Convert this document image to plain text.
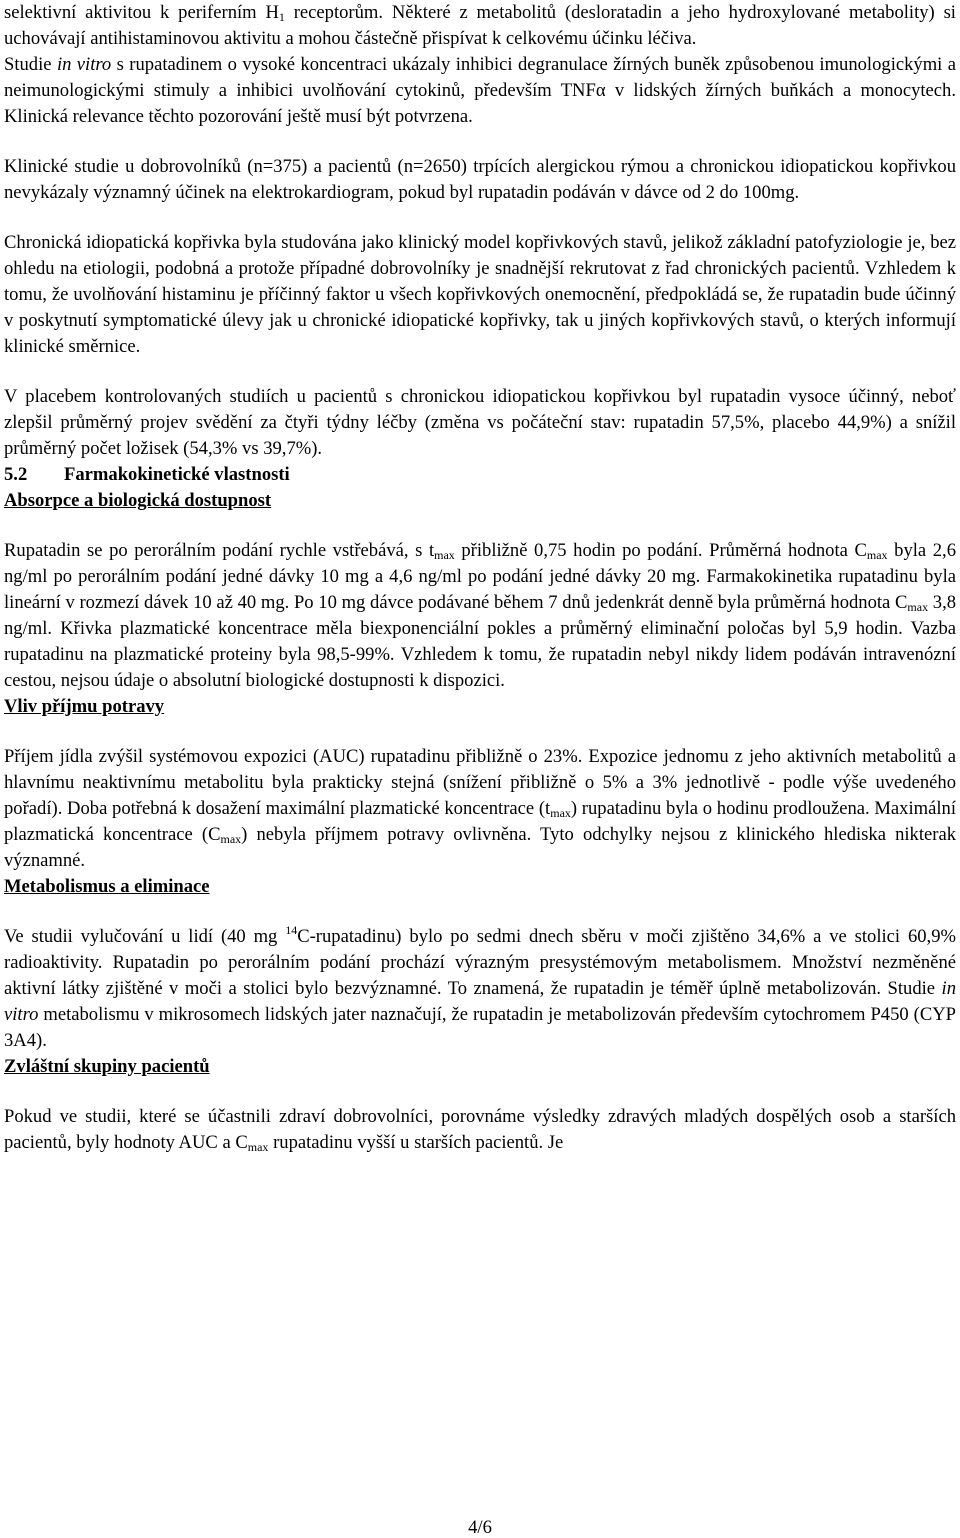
selektivní aktivitou k periferním $H_1$ receptorům. Některé z metabolitů (desloratadin a jeho hydroxylované metabolity) si uchovávají antihistaminovou aktivitu a mohou částečně přispívat k celkovému účinku léčiva.

Studie in vitro s rupatadinem o vysoké koncentraci ukázaly inhibici degranulace žírných buněk způsobenou imunologickými a neimunologickými stimuly a inhibici uvolňování cytokinů, především TNFα v lidských žírných buňkách a monocytech. Klinická relevance těchto pozorování ještě musí být potvrzena.

Klinické studie u dobrovolníků (n=375) a pacientů (n=2650) trpících alergickou rýmou a chronickou idiopatickou kopřivkou nevykázaly významný účinek na elektrokardiogram, pokud byl rupatadin podáván v dávce od 2 do 100mg.

Chronická idiopatická kopřivka byla studována jako klinický model kopřivkových stavů, jelikož základní patofyziologie je, bez ohledu na etiologii, podobná a protože případné dobrovolníky je snadnější rekrutovat z řad chronických pacientů. Vzhledem k tomu, že uvolňování histaminu je příčinný faktor u všech kopřivkových onemocnění, předpokládá se, že rupatadin bude účinný v poskytnutí symptomatické úlevy jak u chronické idiopatické kopřivky, tak u jiných kopřivkových stavů, o kterých informují klinické směrnice.

V placebem kontrolovaných studiích u pacientů s chronickou idiopatickou kopřivkou byl rupatadin vysoce účinný, neboť zlepšil průměrný projev svědění za čtyři týdny léčby (změna vs počáteční stav: rupatadin 57,5%, placebo 44,9%) a snížil průměrný počet ložisek (54,3% vs 39,7%).

5.2 Farmakokinetické vlastnosti
Absorpce a biologická dostupnost

Rupatadin se po perorálním podání rychle vstřebává, s $t_{max}$ přibližně 0,75 hodin po podání. Průměrná hodnota $C_{max}$ byla 2,6 ng/ml po perorálním podání jedné dávky 10 mg a 4,6 ng/ml po podání jedné dávky 20 mg. Farmakokinetika rupatadinu byla lineární v rozmezí dávek 10 až 40 mg. Po 10 mg dávce podávané během 7 dnů jedenkrát denně byla průměrná hodnota $C_{max}$ 3,8 ng/ml. Křivka plazmatické koncentrace měla biexponenciální pokles a průměrný eliminační poločas byl 5,9 hodin. Vazba rupatadinu na plazmatické proteiny byla 98,5-99%. Vzhledem k tomu, že rupatadin nebyl nikdy lidem podáván intravenózní cestou, nejsou údaje o absolutní biologické dostupnosti k dispozici.

Vliv příjmu potravy

Příjem jídla zvýšil systémovou expozici (AUC) rupatadinu přibližně o 23%. Expozice jednomu z jeho aktivních metabolitů a hlavnímu neaktivnímu metabolitu byla prakticky stejná (snížení přibližně o 5% a 3% jednotlivě - podle výše uvedeného pořadí). Doba potřebná k dosažení maximální plazmatické koncentrace $(t_{max})$ rupatadinu byla o hodinu prodloužena. Maximální plazmatická koncentrace $(C_{max})$ nebyla příjmem potravy ovlivněna. Tyto odchylky nejsou z klinického hlediska nikterak významné.

Metabolismus a eliminace

Ve studii vylučování u lidí (40 mg $^{14}$C-rupatadinu) bylo po sedmi dnech sběru v moči zjištěno 34,6% a ve stolici 60,9% radioaktivity. Rupatadin po perorálním podání prochází výrazným presystémovým metabolismem. Množství nezměněné aktivní látky zjištěné v moči a stolici bylo bezvýznamné. To znamená, že rupatadin je téměř úplně metabolizován. Studie in vitro metabolismu v mikrosomech lidských jater naznačují, že rupatadin je metabolizován především cytochromem P450 (CYP 3A4).

Zvláštní skupiny pacientů

Pokud ve studii, které se účastnili zdraví dobrovolníci, porovnáme výsledky zdravých mladých dospělých osob a starších pacientů, byly hodnoty AUC a $C_{max}$ rupatadinu vyšší u starších pacientů. Je

4/6
